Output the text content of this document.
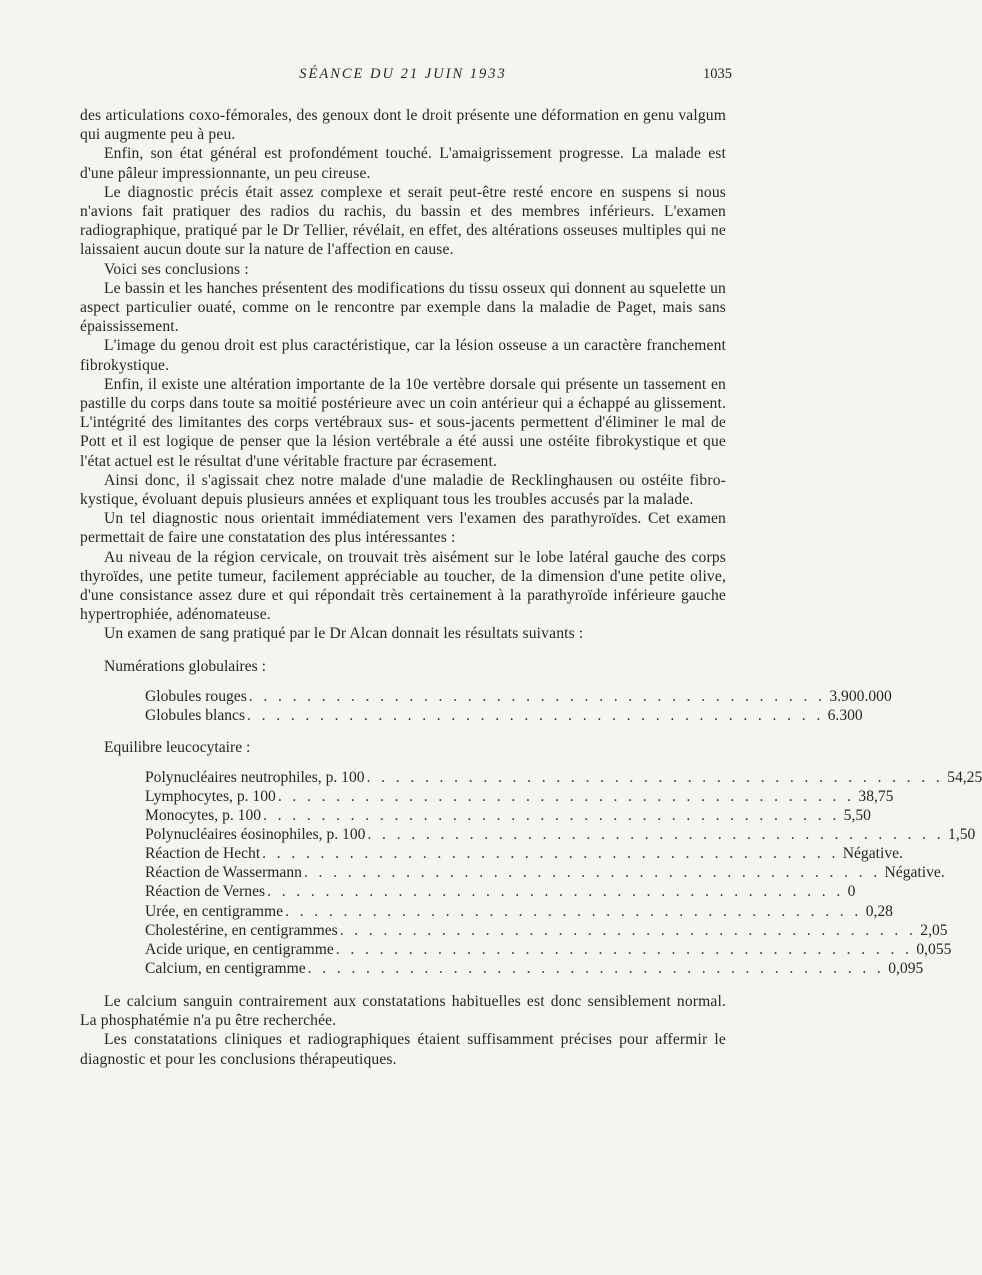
SÉANCE DU 21 JUIN 1933	1035

des articulations coxo-fémorales, des genoux dont le droit présente une déformation en genu valgum qui augmente peu à peu.

Enfin, son état général est profondément touché. L'amaigrissement progresse. La malade est d'une pâleur impressionnante, un peu cireuse.

Le diagnostic précis était assez complexe et serait peut-être resté encore en suspens si nous n'avions fait pratiquer des radios du rachis, du bassin et des membres inférieurs. L'examen radiographique, pratiqué par le Dr Tellier, révélait, en effet, des altérations osseuses multiples qui ne laissaient aucun doute sur la nature de l'affection en cause.

Voici ses conclusions :

Le bassin et les hanches présentent des modifications du tissu osseux qui donnent au squelette un aspect particulier ouaté, comme on le rencontre par exemple dans la maladie de Paget, mais sans épaississement.

L'image du genou droit est plus caractéristique, car la lésion osseuse a un caractère franchement fibrokystique.

Enfin, il existe une altération importante de la 10e vertèbre dorsale qui présente un tassement en pastille du corps dans toute sa moitié postérieure avec un coin antérieur qui a échappé au glissement. L'intégrité des limitantes des corps vertébraux sus- et sous-jacents permettent d'éliminer le mal de Pott et il est logique de penser que la lésion vertébrale a été aussi une ostéite fibrokystique et que l'état actuel est le résultat d'une véritable fracture par écrasement.

Ainsi donc, il s'agissait chez notre malade d'une maladie de Recklinghausen ou ostéite fibro-kystique, évoluant depuis plusieurs années et expliquant tous les troubles accusés par la malade.

Un tel diagnostic nous orientait immédiatement vers l'examen des parathyroïdes. Cet examen permettait de faire une constatation des plus intéressantes :

Au niveau de la région cervicale, on trouvait très aisément sur le lobe latéral gauche des corps thyroïdes, une petite tumeur, facilement appréciable au toucher, de la dimension d'une petite olive, d'une consistance assez dure et qui répondait très certainement à la parathyroïde inférieure gauche hypertrophiée, adénomateuse.

Un examen de sang pratiqué par le Dr Alcan donnait les résultats suivants :

Numérations globulaires :
Globules rouges . . . . . . . . . . . . . . . . . . . . . . . . . . . . . . . . . . . . . . . . 3.900.000
Globules blancs . . . . . . . . . . . . . . . . . . . . . . . . . . . . . . . . . . . . . . . . 6.300
Equilibre leucocytaire :
Polynucléaires neutrophiles, p. 100 . . . . . . . . . . . . . . . . . . . . . . . . . . . . . . . . . . . . . . . . 54,25
Lymphocytes, p. 100 . . . . . . . . . . . . . . . . . . . . . . . . . . . . . . . . . . . . . . . . 38,75
Monocytes, p. 100 . . . . . . . . . . . . . . . . . . . . . . . . . . . . . . . . . . . . . . . . 5,50
Polynucléaires éosinophiles, p. 100 . . . . . . . . . . . . . . . . . . . . . . . . . . . . . . . . . . . . . . . . 1,50
Réaction de Hecht . . . . . . . . . . . . . . . . . . . . . . . . . . . . . . . . . . . . . . . . Négative.
Réaction de Wassermann . . . . . . . . . . . . . . . . . . . . . . . . . . . . . . . . . . . . . . . . Négative.
Réaction de Vernes . . . . . . . . . . . . . . . . . . . . . . . . . . . . . . . . . . . . . . . . 0
Urée, en centigramme . . . . . . . . . . . . . . . . . . . . . . . . . . . . . . . . . . . . . . . . 0,28
Cholestérine, en centigrammes . . . . . . . . . . . . . . . . . . . . . . . . . . . . . . . . . . . . . . . . 2,05
Acide urique, en centigramme . . . . . . . . . . . . . . . . . . . . . . . . . . . . . . . . . . . . . . . . 0,055
Calcium, en centigramme . . . . . . . . . . . . . . . . . . . . . . . . . . . . . . . . . . . . . . . . 0,095

Le calcium sanguin contrairement aux constatations habituelles est donc sensiblement normal. La phosphatémie n'a pu être recherchée.

Les constatations cliniques et radiographiques étaient suffisamment précises pour affermir le diagnostic et pour les conclusions thérapeutiques.
